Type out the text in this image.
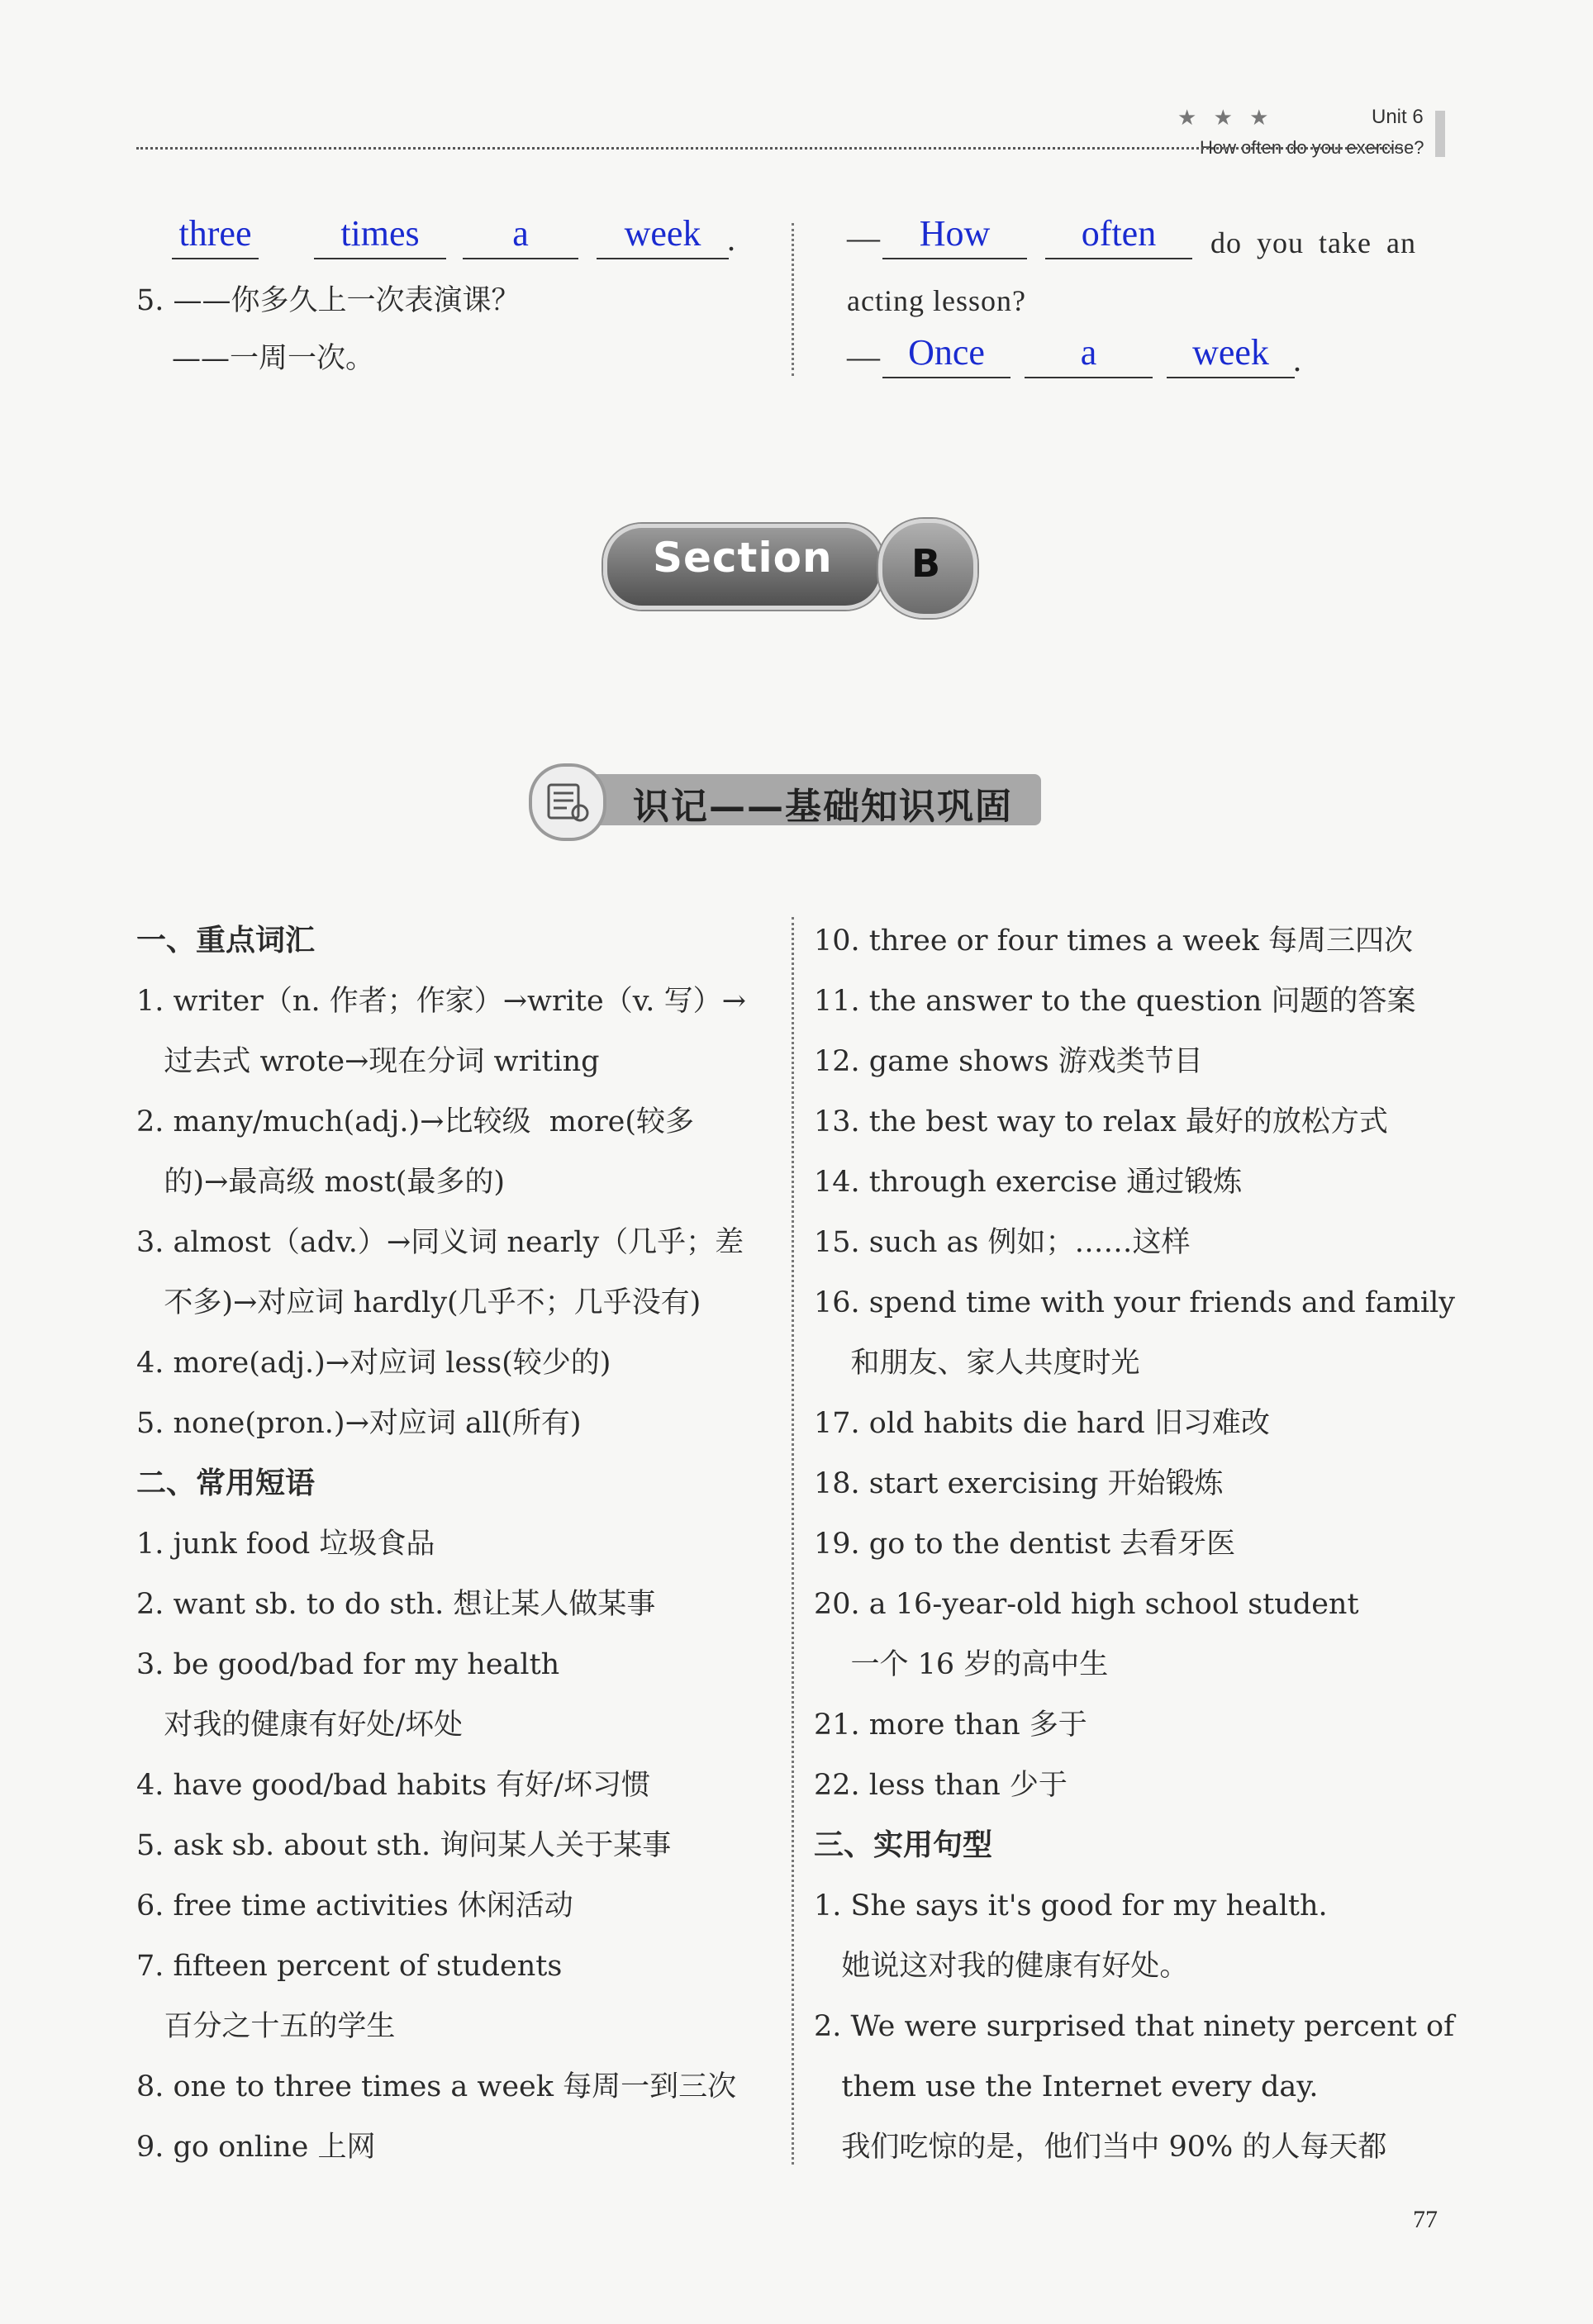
★ ★ ★	Unit 6
How often do you exercise?
three	times	a	week .
5. ——你多久上一次表演课？
——一周一次。
—	How	often	do you take an
acting lesson?
— Once	a	week .
Section B
识记——基础知识巩固
一、重点词汇
1. writer（n. 作者；作家）→write（v. 写）→
过去式 wrote→现在分词 writing
2. many/much(adj.)→比较级  more(较多
的)→最高级 most(最多的)
3. almost（adv.）→同义词 nearly（几乎；差
不多)→对应词 hardly(几乎不；几乎没有)
4. more(adj.)→对应词 less(较少的)
5. none(pron.)→对应词 all(所有)
二、常用短语
1. junk food 垃圾食品
2. want sb. to do sth. 想让某人做某事
3. be good/bad for my health
对我的健康有好处/坏处
4. have good/bad habits 有好/坏习惯
5. ask sb. about sth. 询问某人关于某事
6. free time activities 休闲活动
7. fifteen percent of students
百分之十五的学生
8. one to three times a week 每周一到三次
9. go online 上网
10. three or four times a week 每周三四次
11. the answer to the question 问题的答案
12. game shows 游戏类节目
13. the best way to relax 最好的放松方式
14. through exercise 通过锻炼
15. such as 例如；……这样
16. spend time with your friends and family
和朋友、家人共度时光
17. old habits die hard 旧习难改
18. start exercising 开始锻炼
19. go to the dentist 去看牙医
20. a 16-year-old high school student
一个 16 岁的高中生
21. more than 多于
22. less than 少于
三、实用句型
1. She says it's good for my health.
她说这对我的健康有好处。
2. We were surprised that ninety percent of
them use the Internet every day.
我们吃惊的是，他们当中 90% 的人每天都
77
